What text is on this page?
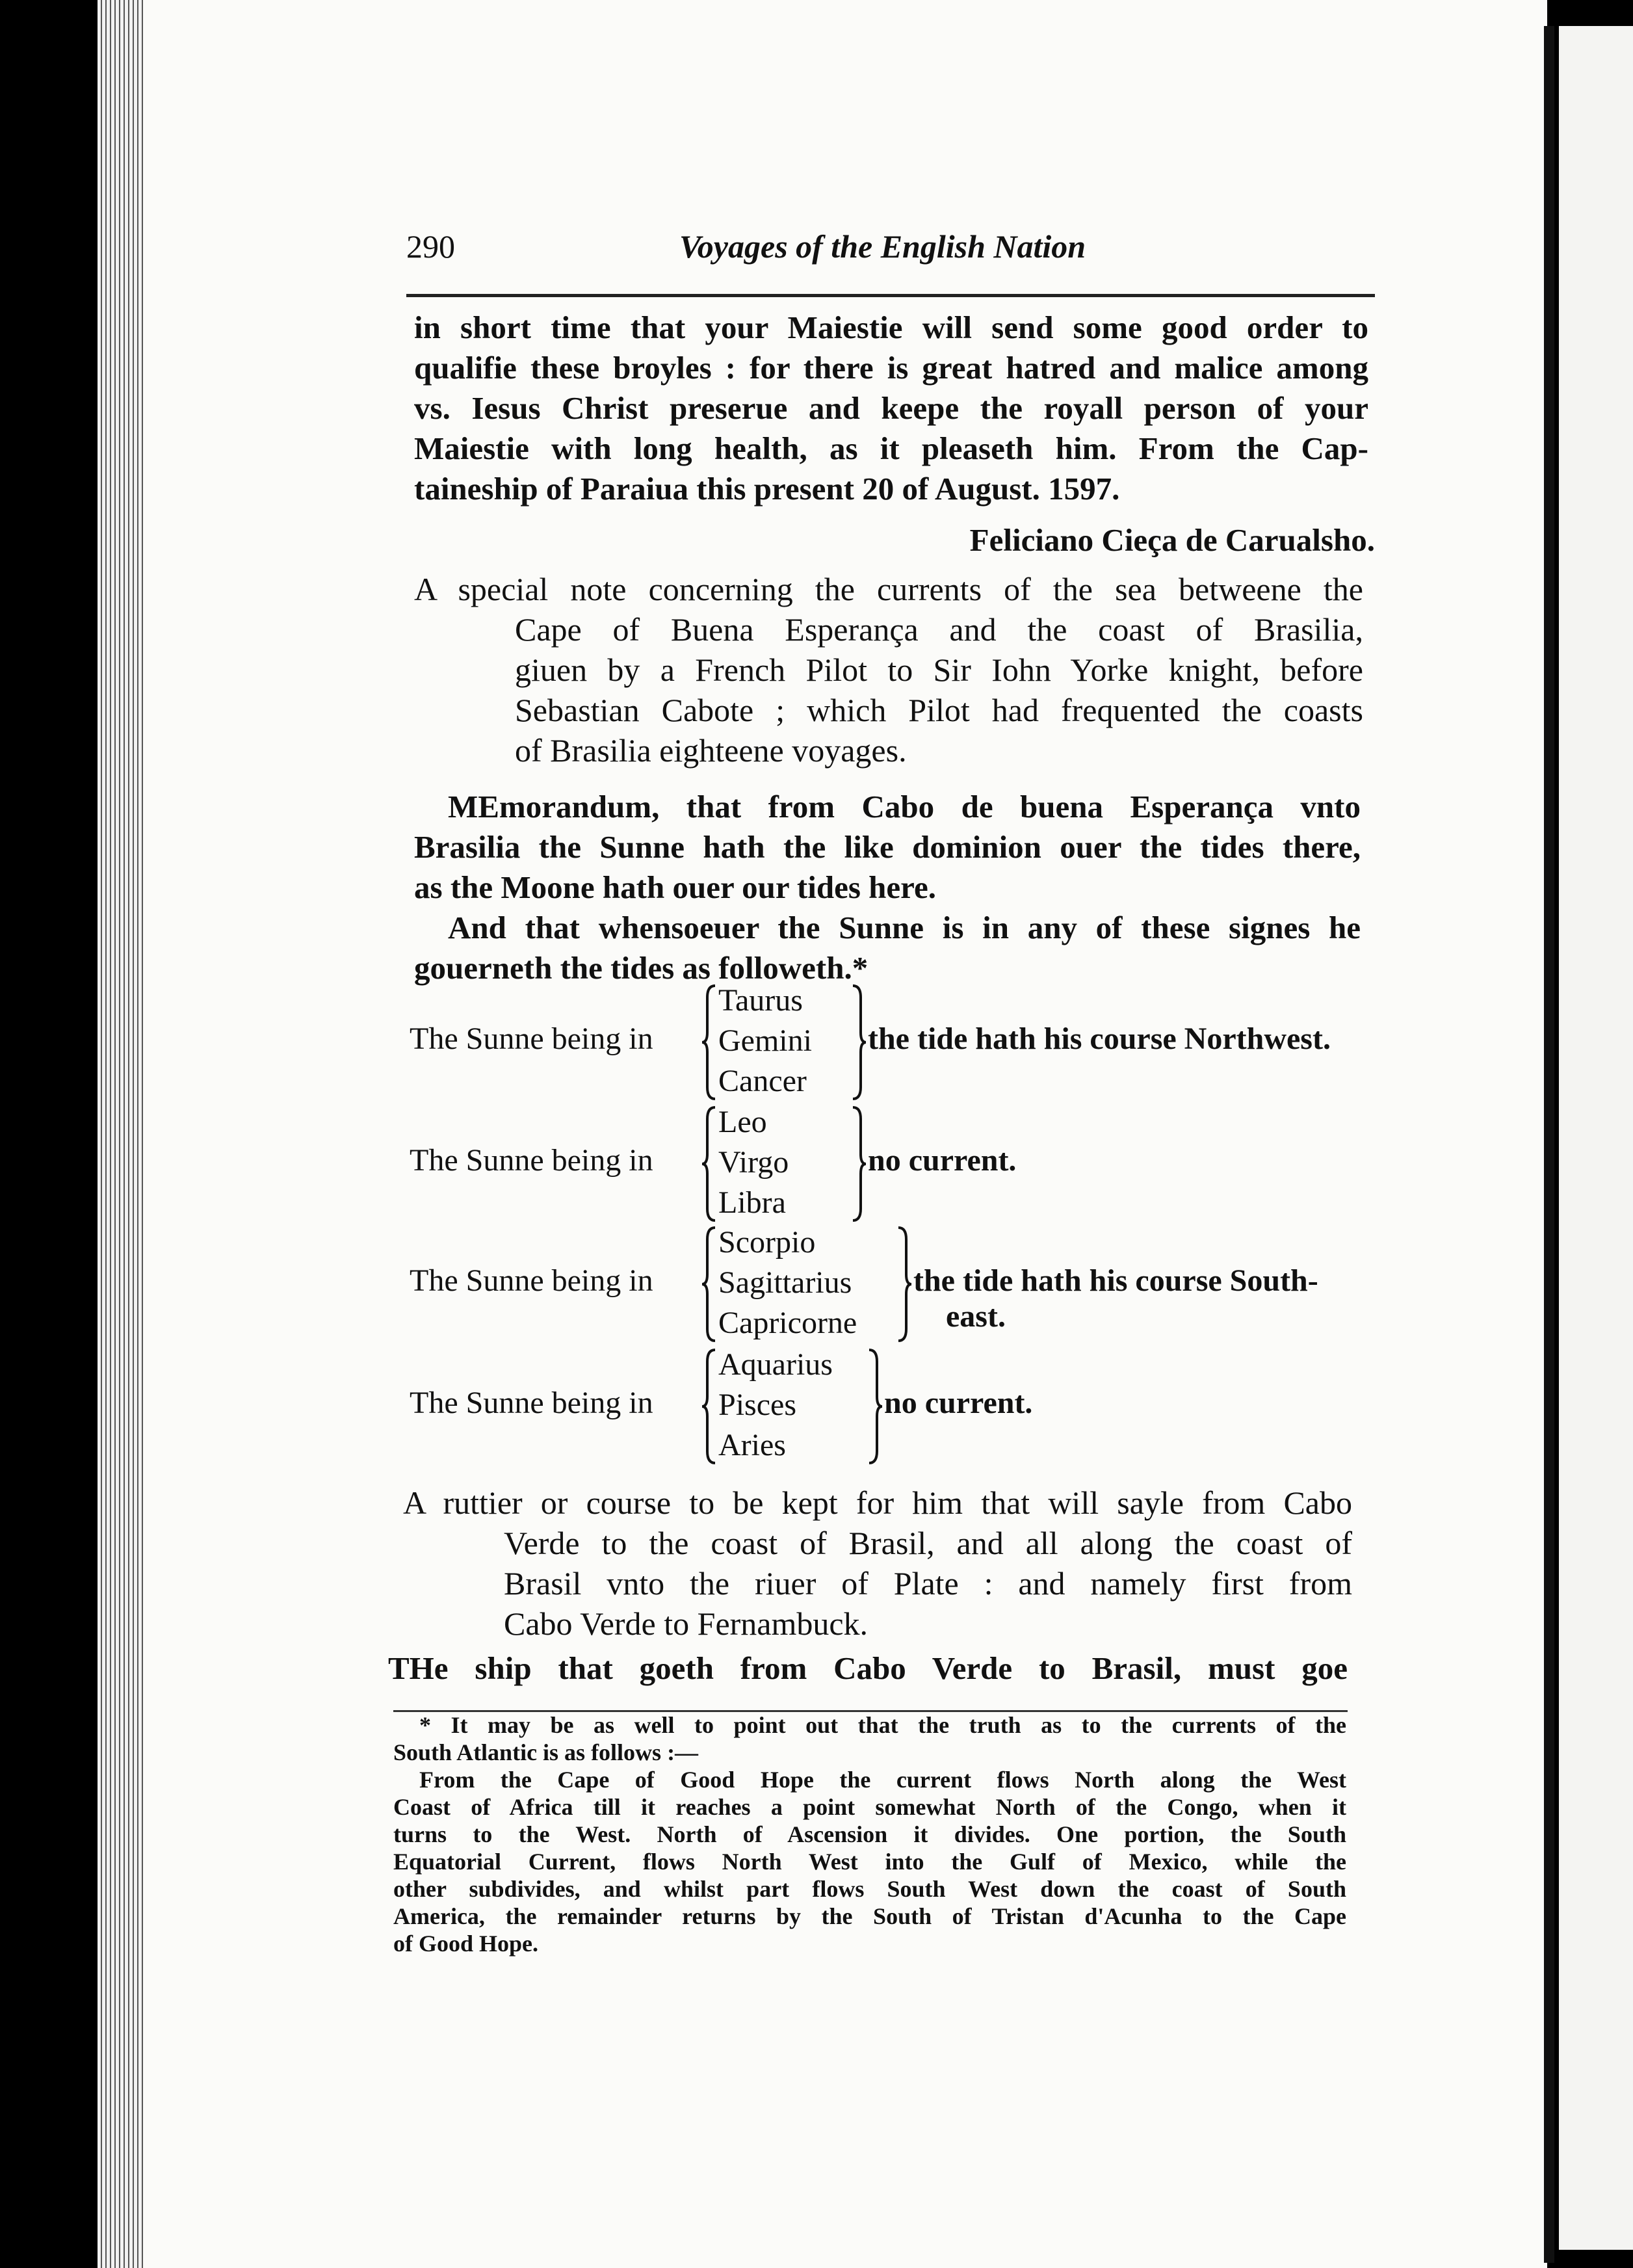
290	Voyages of the English Nation
in short time that your Maiestie will send some good order to
qualifie these broyles : for there is great hatred and malice among
vs. Iesus Christ preserue and keepe the royall person of your
Maiestie with long health, as it pleaseth him. From the Cap-
taineship of Paraiua this present 20 of August. 1597.
Feliciano Cieça de Carualsho.
A special note concerning the currents of the sea betweene the
Cape of Buena Esperança and the coast of Brasilia,
giuen by a French Pilot to Sir Iohn Yorke knight, before
Sebastian Cabote ; which Pilot had frequented the coasts
of Brasilia eighteene voyages.
MEmorandum, that from Cabo de buena Esperança vnto
Brasilia the Sunne hath the like dominion ouer the tides there,
as the Moone hath ouer our tides here.
And that whensoeuer the Sunne is in any of these signes he
gouerneth the tides as followeth.*
The Sunne being in
Taurus
Gemini
Cancer
the tide hath his course Northwest.
The Sunne being in
Leo
Virgo
Libra
no current.
The Sunne being in
Scorpio
Sagittarius
Capricorne
the tide hath his course South-
east.
The Sunne being in
Aquarius
Pisces
Aries
no current.
A ruttier or course to be kept for him that will sayle from Cabo
Verde to the coast of Brasil, and all along the coast of
Brasil vnto the riuer of Plate : and namely first from
Cabo Verde to Fernambuck.
THe ship that goeth from Cabo Verde to Brasil, must goe
* It may be as well to point out that the truth as to the currents of the
South Atlantic is as follows :—
From the Cape of Good Hope the current flows North along the West
Coast of Africa till it reaches a point somewhat North of the Congo, when it
turns to the West. North of Ascension it divides. One portion, the South
Equatorial Current, flows North West into the Gulf of Mexico, while the
other subdivides, and whilst part flows South West down the coast of South
America, the remainder returns by the South of Tristan d'Acunha to the Cape
of Good Hope.
